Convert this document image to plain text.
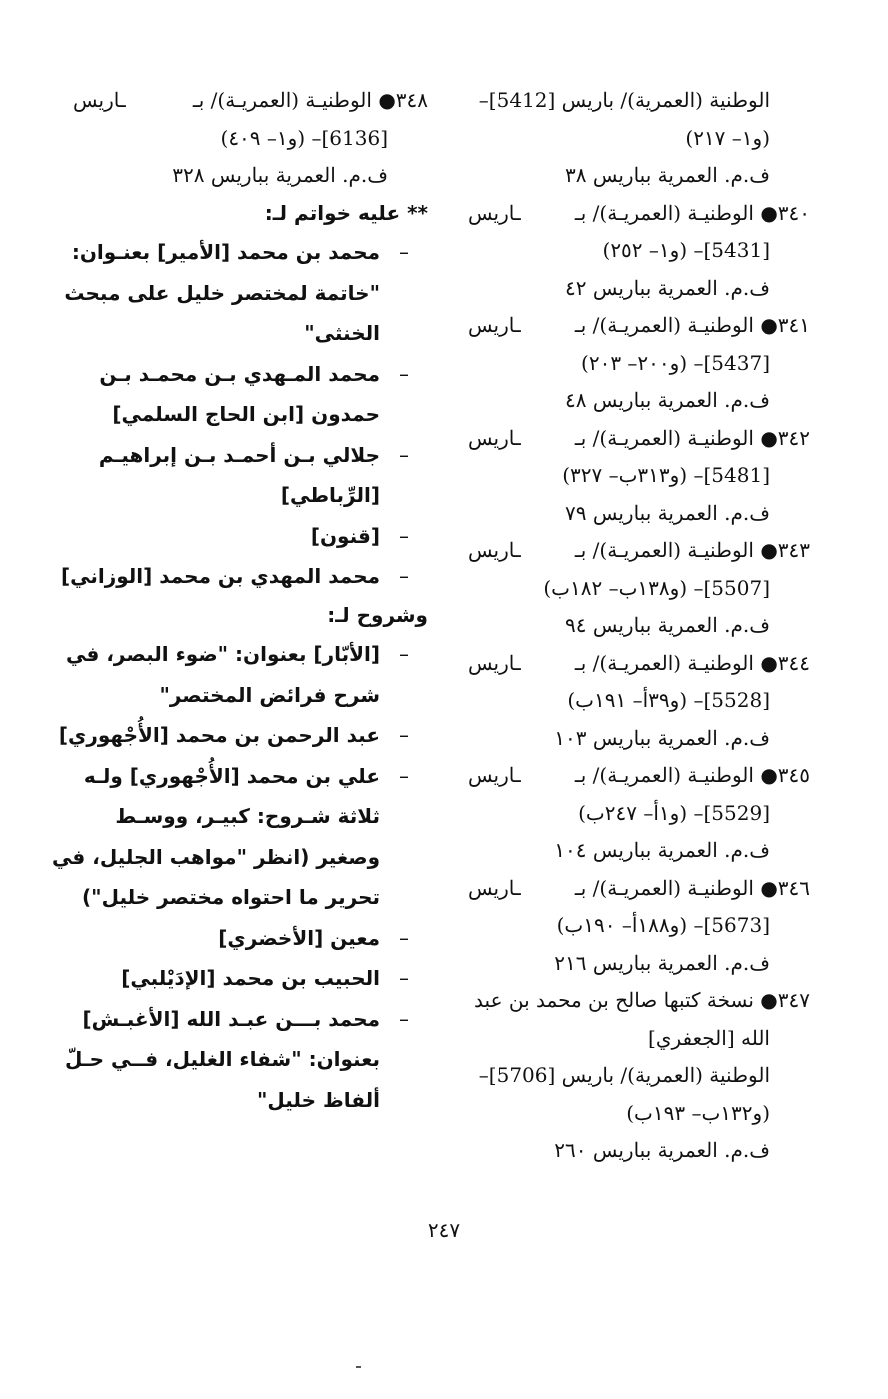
الوطنية (العمرية)/ باريس [5412]–
(و١– ٢١٧)
ف.م. العمرية بباريس ٣٨
٣٤٠● الوطنيـة (العمريـة)/ بـ
ـاريس
[5431]– (و١– ٢٥٢)
ف.م. العمرية بباريس ٤٢
٣٤١● الوطنيـة (العمريـة)/ بـ
ـاريس
[5437]– (و٢٠٠– ٢٠٣)
ف.م. العمرية بباريس ٤٨
٣٤٢● الوطنيـة (العمريـة)/ بـ
ـاريس
[5481]– (و٣١٣ب– ٣٢٧)
ف.م. العمرية بباريس ٧٩
٣٤٣● الوطنيـة (العمريـة)/ بـ
ـاريس
[5507]– (و١٣٨ب– ١٨٢ب)
ف.م. العمرية بباريس ٩٤
٣٤٤● الوطنيـة (العمريـة)/ بـ
ـاريس
[5528]– (و٣٩أ– ١٩١ب)
ف.م. العمرية بباريس ١٠٣
٣٤٥● الوطنيـة (العمريـة)/ بـ
ـاريس
[5529]– (و١أ– ٢٤٧ب)
ف.م. العمرية بباريس ١٠٤
٣٤٦● الوطنيـة (العمريـة)/ بـ
ـاريس
[5673]– (و١٨٨أ– ١٩٠ب)
ف.م. العمرية بباريس ٢١٦
٣٤٧● نسخة كتبها صالح بن محمد بن عبد
الله [الجعفري]
الوطنية (العمرية)/ باريس [5706]–
(و١٣٢ب– ١٩٣ب)
ف.م. العمرية بباريس ٢٦٠
٣٤٨● الوطنيـة (العمريـة)/ بـ
ـاريس
[6136]– (و١– ٤٠٩)
ف.م. العمرية بباريس ٣٢٨
** عليه خواتم لـ:
–
محمد بن محمد [الأمير] بعنـوان:
"خاتمة لمختصر خليل على مبحث
الخنثى"
–
محمد المـهدي بـن محمـد بـن
حمدون [ابن الحاج السلمي]
–
جلالي بـن أحمـد بـن إبراهيـم
[الرِّباطي]
–
[قنون]
–
محمد المهدي بن محمد [الوزاني]
وشروح لـ:
–
[الأبّار] بعنوان: "ضوء البصر، في
شرح فرائض المختصر"
–
عبد الرحمن بن محمد [الأُجْهوري]
–
علي بن محمد [الأُجْهوري] ولـه
ثلاثة شـروح: كبيـر، ووسـط
وصغير (انظر "مواهب الجليل، في
تحرير ما احتواه مختصر خليل")
–
معين [الأخضري]
–
الحبيب بن محمد [الإدَيْلبي]
–
محمد بـــن عبـد الله [الأغبـش]
بعنوان: "شفاء الغليل، فــي حـلّ
ألفاظ خليل"
٢٤٧
